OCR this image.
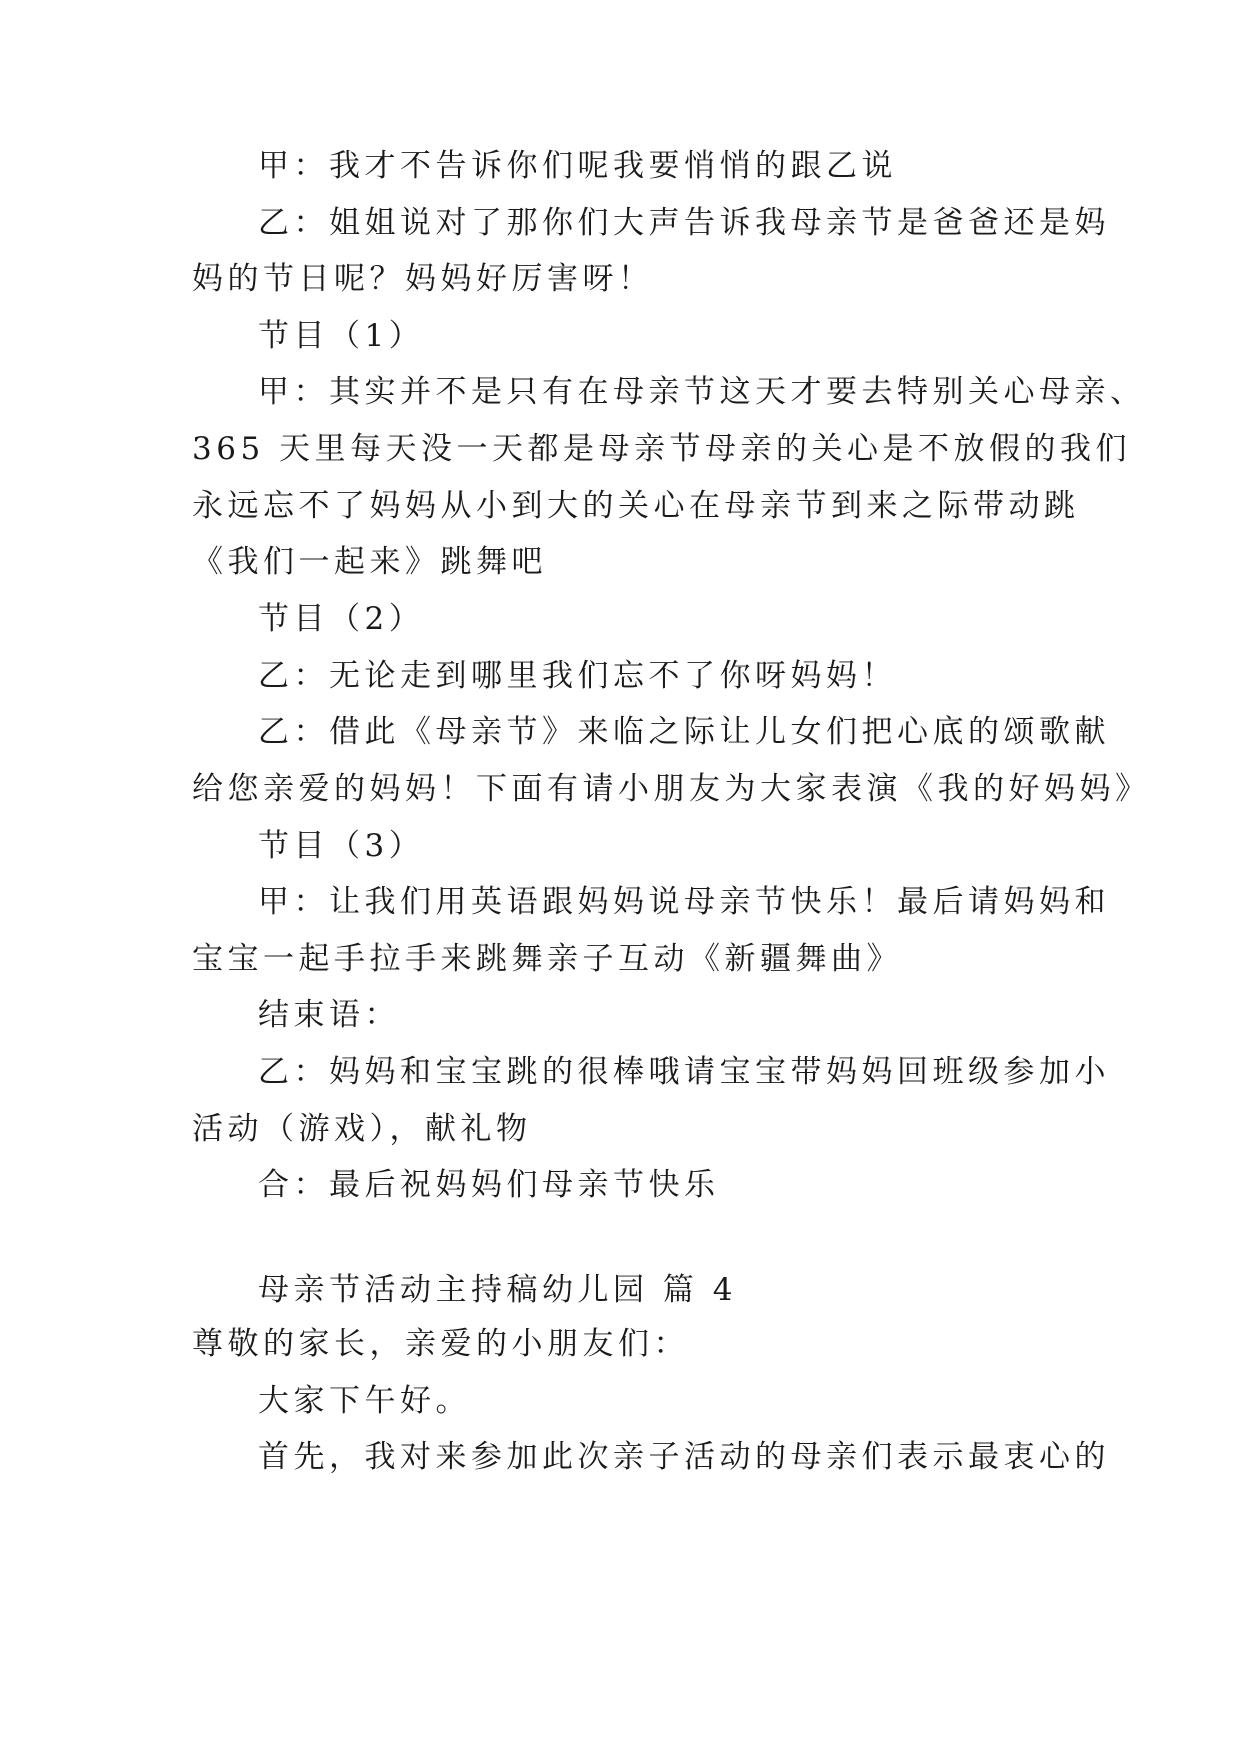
甲：我才不告诉你们呢我要悄悄的跟乙说
乙：姐姐说对了那你们大声告诉我母亲节是爸爸还是妈
妈的节日呢？妈妈好厉害呀！
节目（1）
甲：其实并不是只有在母亲节这天才要去特别关心母亲、
365 天里每天没一天都是母亲节母亲的关心是不放假的我们
永远忘不了妈妈从小到大的关心在母亲节到来之际带动跳
《我们一起来》跳舞吧
节目（2）
乙：无论走到哪里我们忘不了你呀妈妈！
乙：借此《母亲节》来临之际让儿女们把心底的颂歌献
给您亲爱的妈妈！下面有请小朋友为大家表演《我的好妈妈》
节目（3）
甲：让我们用英语跟妈妈说母亲节快乐！最后请妈妈和
宝宝一起手拉手来跳舞亲子互动《新疆舞曲》
结束语：
乙：妈妈和宝宝跳的很棒哦请宝宝带妈妈回班级参加小
活动（游戏），献礼物
合：最后祝妈妈们母亲节快乐
母亲节活动主持稿幼儿园 篇 4
尊敬的家长，亲爱的小朋友们：
大家下午好。
首先，我对来参加此次亲子活动的母亲们表示最衷心的
